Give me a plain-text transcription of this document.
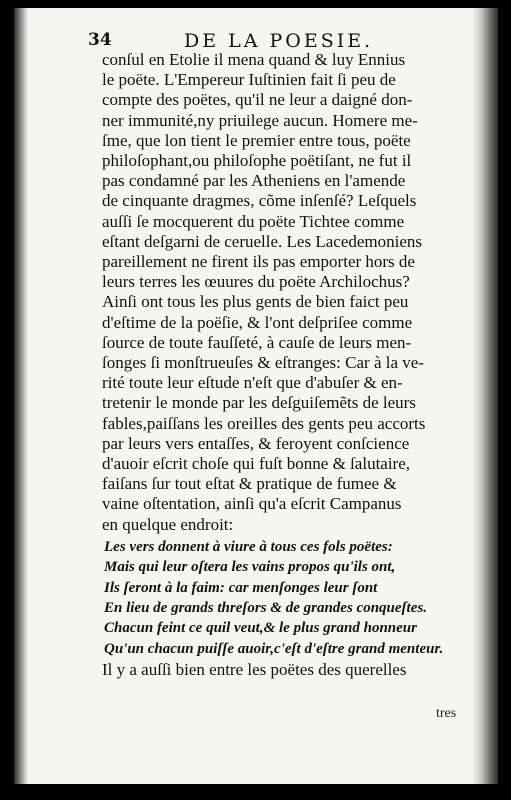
34	DE LA POESIE.
conſul en Etolie il mena quand & luy Ennius
le poëte. L'Empereur Iuſtinien fait ſi peu de
compte des poëtes, qu'il ne leur a daigné don-
ner immunité,ny priuilege aucun. Homere me-
ſme, que lon tient le premier entre tous, poëte
philoſophant,ou philoſophe poëtiſant, ne fut il
pas condamné par les Atheniens en l'amende
de cinquante dragmes, cõme inſenſé? Leſquels
auſſi ſe mocquerent du poëte Tichtee comme
eſtant deſgarni de ceruelle. Les Lacedemoniens
pareillement ne firent ils pas emporter hors de
leurs terres les œuures du poëte Archilochus?
Ainſi ont tous les plus gents de bien faict peu
d'eſtime de la poëſie, & l'ont deſpriſee comme
ſource de toute fauſſeté, à cauſe de leurs men-
ſonges ſi monſtrueuſes & eſtranges: Car à la ve-
rité toute leur eſtude n'eſt que d'abuſer & en-
tretenir le monde par les deſguiſemẽts de leurs
fables,paiſſans les oreilles des gents peu accorts
par leurs vers entaſſes, & feroyent conſcience
d'auoir eſcrit choſe qui fuſt bonne & ſalutaire,
faiſans ſur tout eſtat & pratique de fumee &
vaine oſtentation, ainſi qu'a eſcrit Campanus
en quelque endroit:
Les vers donnent à viure à tous ces fols poëtes:
Mais qui leur oſtera les vains propos qu'ils ont,
Ils ſeront à la faim: car menſonges leur ſont
En lieu de grands threſors & de grandes conqueſtes.
Chacun feint ce quil veut,& le plus grand honneur
Qu'un chacun puiſſe auoir,c'eſt d'eſtre grand menteur.
Il y a auſſi bien entre les poëtes des querelles
tres
